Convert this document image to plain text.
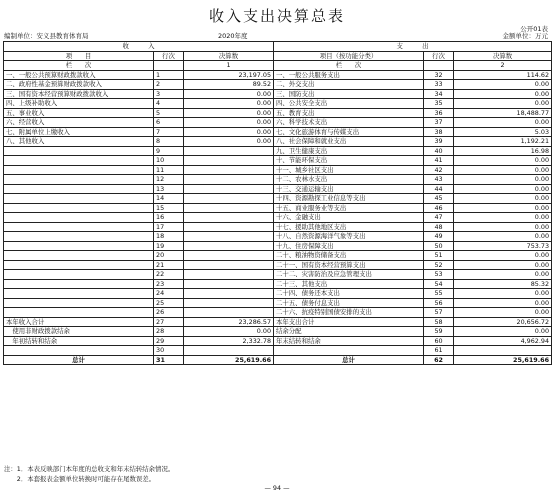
收入支出决算总表
公开01表
编制单位：安义县教育体育局	2020年度	金额单位：万元
收　　　入			支　　　出		
项　　目	行次	决算数	项目（按功能分类）	行次	决算数
栏　　次		1	栏　　次		2
一、一般公共预算财政拨款收入	1	23,197.05	一、一般公共服务支出	32	114.62
二、政府性基金预算财政拨款收入	2	89.52	二、外交支出	33	0.00
三、国有资本经营预算财政拨款收入	3	0.00	三、国防支出	34	0.00
四、上级补助收入	4	0.00	四、公共安全支出	35	0.00
五、事业收入	5	0.00	五、教育支出	36	18,488.77
六、经营收入	6	0.00	六、科学技术支出	37	0.00
七、附属单位上缴收入	7	0.00	七、文化旅游体育与传媒支出	38	5.03
八、其他收入	8	0.00	八、社会保障和就业支出	39	1,192.21
	9		九、卫生健康支出	40	16.98
	10		十、节能环保支出	41	0.00
	11		十一、城乡社区支出	42	0.00
	12		十二、农林水支出	43	0.00
	13		十三、交通运输支出	44	0.00
	14		十四、资源勘探工业信息等支出	45	0.00
	15		十五、商业服务业等支出	46	0.00
	16		十六、金融支出	47	0.00
	17		十七、援助其他地区支出	48	0.00
	18		十八、自然资源海洋气象等支出	49	0.00
	19		十九、住房保障支出	50	753.73
	20		二十、粮油物资储备支出	51	0.00
	21		二十一、国有资本经营预算支出	52	0.00
	22		二十二、灾害防治及应急管理支出	53	0.00
	23		二十三、其他支出	54	85.32
	24		二十四、债务还本支出	55	0.00
	25		二十五、债务付息支出	56	0.00
	26		二十六、抗疫特别国债安排的支出	57	0.00
本年收入合计	27	23,286.57	本年支出合计	58	20,656.72
　使用非财政拨款结余	28	0.00	结余分配	59	0.00
　年初结转和结余	29	2,332.78	年末结转和结余	60	4,962.94
	30			61	
总计	31	25,619.66	总计	62	25,619.66
注：1．本表反映部门本年度的总收支和年末结转结余情况。
　　2．本套报表金额单位转换时可能存在尾数误差。
— 94 —
